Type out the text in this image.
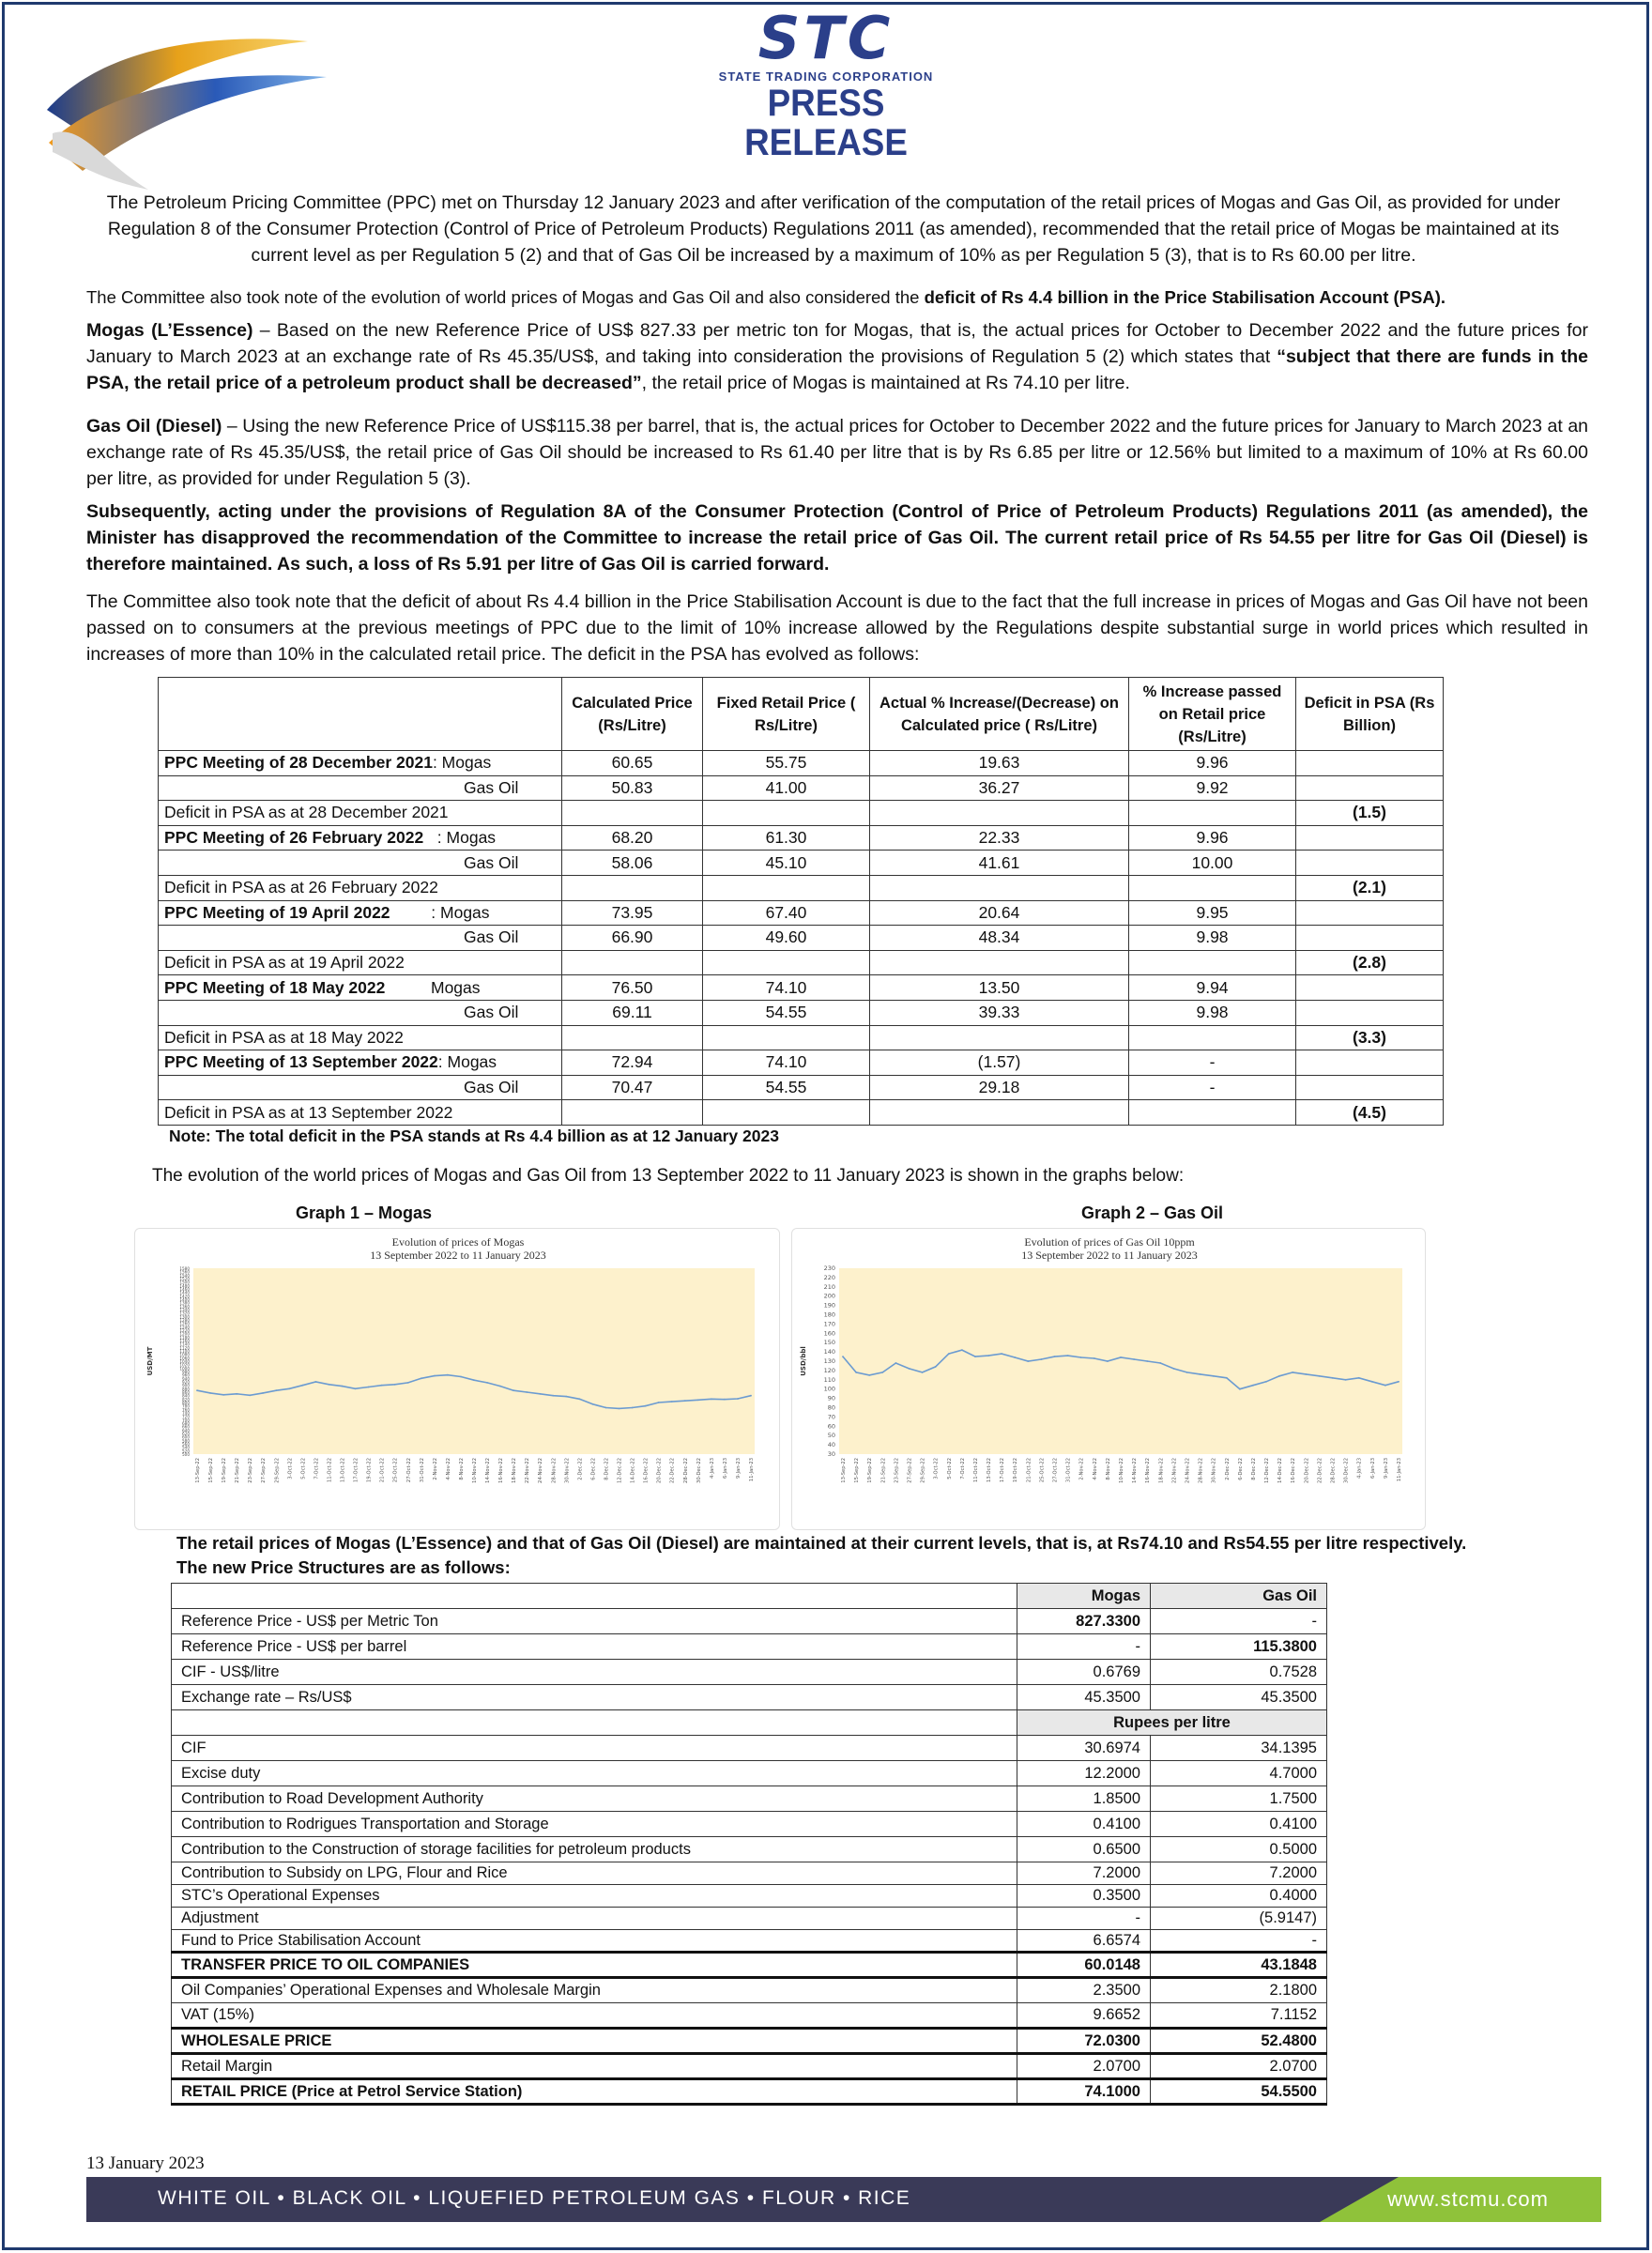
STC
STATE TRADING CORPORATION
PRESS RELEASE
The Petroleum Pricing Committee (PPC) met on Thursday 12 January 2023 and after verification of the computation of the retail prices of Mogas and Gas Oil, as provided for under Regulation 8 of the Consumer Protection (Control of Price of Petroleum Products) Regulations 2011 (as amended), recommended that the retail price of Mogas be maintained at its current level as per Regulation 5 (2) and that of Gas Oil be increased by a maximum of 10% as per Regulation 5 (3), that is to Rs 60.00 per litre.
The Committee also took note of the evolution of world prices of Mogas and Gas Oil and also considered the deficit of Rs 4.4 billion in the Price Stabilisation Account (PSA).
Mogas (L’Essence) – Based on the new Reference Price of US$ 827.33 per metric ton for Mogas, that is, the actual prices for October to December 2022 and the future prices for January to March 2023 at an exchange rate of Rs 45.35/US$, and taking into consideration the provisions of Regulation 5 (2) which states that “subject that there are funds in the PSA, the retail price of a petroleum product shall be decreased”, the retail price of Mogas is maintained at Rs 74.10 per litre.
Gas Oil (Diesel) – Using the new Reference Price of US$115.38 per barrel, that is, the actual prices for October to December 2022 and the future prices for January to March 2023 at an exchange rate of Rs 45.35/US$, the retail price of Gas Oil should be increased to Rs 61.40 per litre that is by Rs 6.85 per litre or 12.56% but limited to a maximum of 10% at Rs 60.00 per litre, as provided for under Regulation 5 (3).
Subsequently, acting under the provisions of Regulation 8A of the Consumer Protection (Control of Price of Petroleum Products) Regulations 2011 (as amended), the Minister has disapproved the recommendation of the Committee to increase the retail price of Gas Oil. The current retail price of Rs 54.55 per litre for Gas Oil (Diesel) is therefore maintained. As such, a loss of Rs 5.91 per litre of Gas Oil is carried forward.
The Committee also took note that the deficit of about Rs 4.4 billion in the Price Stabilisation Account is due to the fact that the full increase in prices of Mogas and Gas Oil have not been passed on to consumers at the previous meetings of PPC due to the limit of 10% increase allowed by the Regulations despite substantial surge in world prices which resulted in increases of more than 10% in the calculated retail price. The deficit in the PSA has evolved as follows:
	Calculated Price (Rs/Litre)	Fixed Retail Price ( Rs/Litre)	Actual % Increase/(Decrease) on Calculated price ( Rs/Litre)	% Increase passed on Retail price (Rs/Litre)	Deficit in PSA (Rs Billion)
PPC Meeting of 28 December 2021: Mogas	60.65	55.75	19.63	9.96	
Gas Oil	50.83	41.00	36.27	9.92	
Deficit in PSA as at 28 December 2021					(1.5)
PPC Meeting of 26 February 2022   : Mogas	68.20	61.30	22.33	9.96	
Gas Oil	58.06	45.10	41.61	10.00	
Deficit in PSA as at 26 February 2022					(2.1)
PPC Meeting of 19 April 2022         : Mogas	73.95	67.40	20.64	9.95	
Gas Oil	66.90	49.60	48.34	9.98	
Deficit in PSA as at 19 April 2022					(2.8)
PPC Meeting of 18 May 2022          Mogas	76.50	74.10	13.50	9.94	
Gas Oil	69.11	54.55	39.33	9.98	
Deficit in PSA as at 18 May 2022					(3.3)
PPC Meeting of 13 September 2022: Mogas	72.94	74.10	(1.57)	-	
Gas Oil	70.47	54.55	29.18	-	
Deficit in PSA as at 13 September 2022					(4.5)
Note: The total deficit in the PSA stands at Rs 4.4 billion as at 12 January 2023
The evolution of the world prices of Mogas and Gas Oil from 13 September 2022 to 11 January 2023 is shown in the graphs below:
Graph 1 – Mogas	Graph 2 – Gas Oil
Evolution of prices of Mogas
13 September 2022 to 11 January 2023
500
520
540
560
580
600
620
640
660
680
700
720
740
760
780
800
820
840
860
880
900
920
940
960
980
1000
1020
1040
1060
1080
1100
1120
1140
1160
1180
1200
1220
1240
1260
1280
1300
1320
1340
1360
1380
1400
1420
1440
1460
1480
1500
1520
1540
1560
1580
USD/MT
13-Sep-22 15-Sep-22 19-Sep-22 21-Sep-22 23-Sep-22 27-Sep-22 29-Sep-22 3-Oct-22 5-Oct-22 7-Oct-22 11-Oct-22 13-Oct-22 17-Oct-22 19-Oct-22 21-Oct-22 25-Oct-22 27-Oct-22 31-Oct-22 2-Nov-22 4-Nov-22 8-Nov-22 10-Nov-22 14-Nov-22 16-Nov-22 18-Nov-22 22-Nov-22 24-Nov-22 28-Nov-22 30-Nov-22 2-Dec-22 6-Dec-22 8-Dec-22 12-Dec-22 14-Dec-22 16-Dec-22 20-Dec-22 22-Dec-22 28-Dec-22 30-Dec-22 4-Jan-23 6-Jan-23 9-Jan-23 11-Jan-23
Evolution of prices of Gas Oil 10ppm
13 September 2022 to 11 January 2023
30
40
50
60
70
80
90
100
110
120
130
140
150
160
170
180
190
200
210
220
230
USD/bbl
13-Sep-22 15-Sep-22 19-Sep-22 21-Sep-22 23-Sep-22 27-Sep-22 29-Sep-22 3-Oct-22 5-Oct-22 7-Oct-22 11-Oct-22 13-Oct-22 17-Oct-22 19-Oct-22 21-Oct-22 25-Oct-22 27-Oct-22 31-Oct-22 2-Nov-22 4-Nov-22 8-Nov-22 10-Nov-22 14-Nov-22 16-Nov-22 18-Nov-22 22-Nov-22 24-Nov-22 28-Nov-22 30-Nov-22 2-Dec-22 6-Dec-22 8-Dec-22 12-Dec-22 14-Dec-22 16-Dec-22 20-Dec-22 22-Dec-22 28-Dec-22 30-Dec-22 4-Jan-23 6-Jan-23 9-Jan-23 11-Jan-23
The retail prices of Mogas (L’Essence) and that of Gas Oil (Diesel) are maintained at their current levels, that is, at Rs74.10 and Rs54.55 per litre respectively.
The new Price Structures are as follows:
	Mogas	Gas Oil
Reference Price - US$ per Metric Ton	827.3300	-
Reference Price - US$ per barrel	-	115.3800
CIF - US$/litre	0.6769	0.7528
Exchange rate – Rs/US$	45.3500	45.3500
	Rupees per litre	
CIF	30.6974	34.1395
Excise duty	12.2000	4.7000
Contribution to Road Development Authority	1.8500	1.7500
Contribution to Rodrigues Transportation and Storage	0.4100	0.4100
Contribution to the Construction of storage facilities for petroleum products	0.6500	0.5000
Contribution to Subsidy on LPG, Flour and Rice	7.2000	7.2000
STC’s Operational Expenses	0.3500	0.4000
Adjustment	-	(5.9147)
Fund to Price Stabilisation Account	6.6574	-
TRANSFER PRICE TO OIL COMPANIES	60.0148	43.1848
Oil Companies’ Operational Expenses and Wholesale Margin	2.3500	2.1800
VAT (15%)	9.6652	7.1152
WHOLESALE PRICE	72.0300	52.4800
Retail Margin	2.0700	2.0700
RETAIL PRICE (Price at Petrol Service Station)	74.1000	54.5500
13 January 2023
WHITE OIL • BLACK OIL • LIQUEFIED PETROLEUM GAS • FLOUR • RICE	www.stcmu.com
